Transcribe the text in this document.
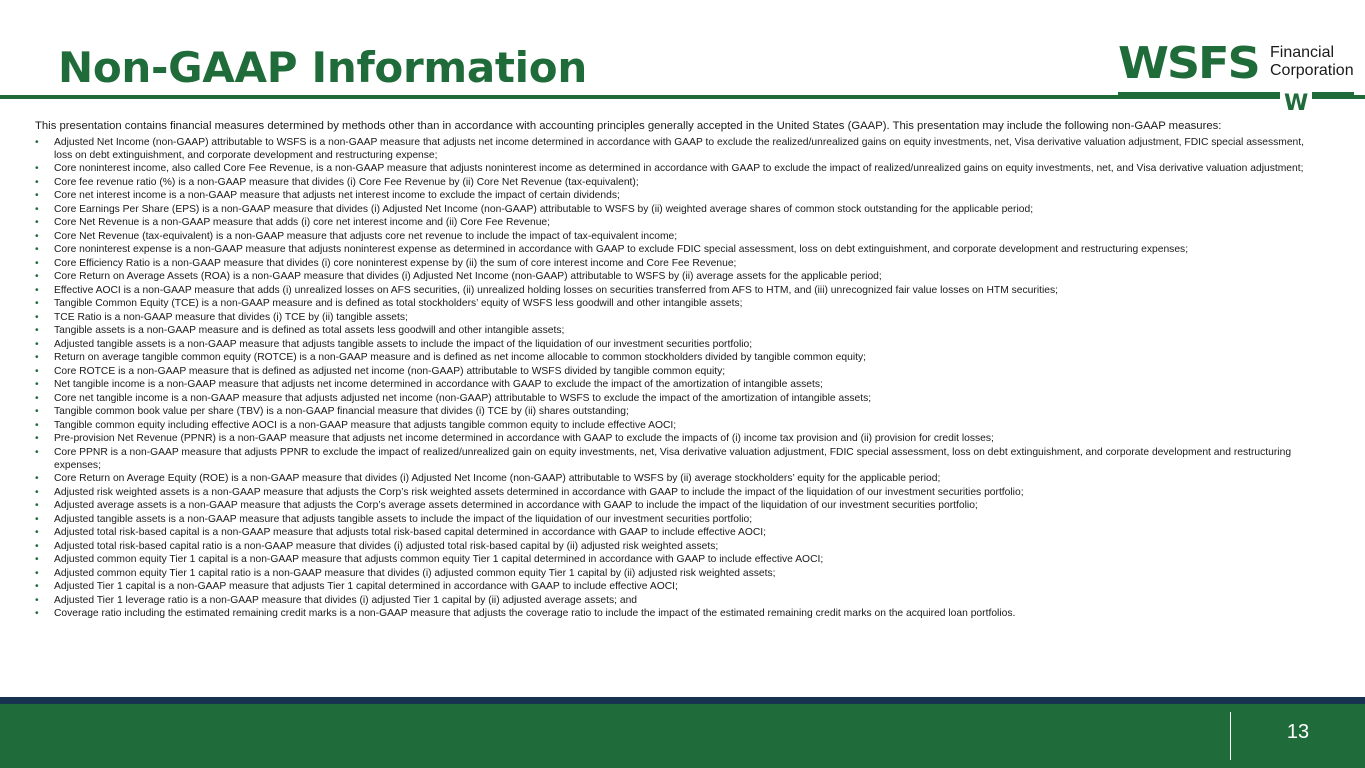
Non-GAAP Information	WSFS Financial
Corporation
W

This presentation contains financial measures determined by methods other than in accordance with accounting principles generally accepted in the United States (GAAP). This presentation may include the following non-GAAP measures:

• Adjusted Net Income (non-GAAP) attributable to WSFS is a non-GAAP measure that adjusts net income determined in accordance with GAAP to exclude the realized/unrealized gains on equity investments, net, Visa derivative valuation adjustment, FDIC special assessment, loss on debt extinguishment, and corporate development and restructuring expense;
• Core noninterest income, also called Core Fee Revenue, is a non-GAAP measure that adjusts noninterest income as determined in accordance with GAAP to exclude the impact of realized/unrealized gains on equity investments, net, and Visa derivative valuation adjustment;
• Core fee revenue ratio (%) is a non-GAAP measure that divides (i) Core Fee Revenue by (ii) Core Net Revenue (tax-equivalent);
• Core net interest income is a non-GAAP measure that adjusts net interest income to exclude the impact of certain dividends;
• Core Earnings Per Share (EPS) is a non-GAAP measure that divides (i) Adjusted Net Income (non-GAAP) attributable to WSFS by (ii) weighted average shares of common stock outstanding for the applicable period;
• Core Net Revenue is a non-GAAP measure that adds (i) core net interest income and (ii) Core Fee Revenue;
• Core Net Revenue (tax-equivalent) is a non-GAAP measure that adjusts core net revenue to include the impact of tax-equivalent income;
• Core noninterest expense is a non-GAAP measure that adjusts noninterest expense as determined in accordance with GAAP to exclude FDIC special assessment, loss on debt extinguishment, and corporate development and restructuring expenses;
• Core Efficiency Ratio is a non-GAAP measure that divides (i) core noninterest expense by (ii) the sum of core interest income and Core Fee Revenue;
• Core Return on Average Assets (ROA) is a non-GAAP measure that divides (i) Adjusted Net Income (non-GAAP) attributable to WSFS by (ii) average assets for the applicable period;
• Effective AOCI is a non-GAAP measure that adds (i) unrealized losses on AFS securities, (ii) unrealized holding losses on securities transferred from AFS to HTM, and (iii) unrecognized fair value losses on HTM securities;
• Tangible Common Equity (TCE) is a non-GAAP measure and is defined as total stockholders’ equity of WSFS less goodwill and other intangible assets;
• TCE Ratio is a non-GAAP measure that divides (i) TCE by (ii) tangible assets;
• Tangible assets is a non-GAAP measure and is defined as total assets less goodwill and other intangible assets;
• Adjusted tangible assets is a non-GAAP measure that adjusts tangible assets to include the impact of the liquidation of our investment securities portfolio;
• Return on average tangible common equity (ROTCE) is a non-GAAP measure and is defined as net income allocable to common stockholders divided by tangible common equity;
• Core ROTCE is a non-GAAP measure that is defined as adjusted net income (non-GAAP) attributable to WSFS divided by tangible common equity;
• Net tangible income is a non-GAAP measure that adjusts net income determined in accordance with GAAP to exclude the impact of the amortization of intangible assets;
• Core net tangible income is a non-GAAP measure that adjusts adjusted net income (non-GAAP) attributable to WSFS to exclude the impact of the amortization of intangible assets;
• Tangible common book value per share (TBV) is a non-GAAP financial measure that divides (i) TCE by (ii) shares outstanding;
• Tangible common equity including effective AOCI is a non-GAAP measure that adjusts tangible common equity to include effective AOCI;
• Pre-provision Net Revenue (PPNR) is a non-GAAP measure that adjusts net income determined in accordance with GAAP to exclude the impacts of (i) income tax provision and (ii) provision for credit losses;
• Core PPNR is a non-GAAP measure that adjusts PPNR to exclude the impact of realized/unrealized gain on equity investments, net, Visa derivative valuation adjustment, FDIC special assessment, loss on debt extinguishment, and corporate development and restructuring expenses;
• Core Return on Average Equity (ROE) is a non-GAAP measure that divides (i) Adjusted Net Income (non-GAAP) attributable to WSFS by (ii) average stockholders’ equity for the applicable period;
• Adjusted risk weighted assets is a non-GAAP measure that adjusts the Corp’s risk weighted assets determined in accordance with GAAP to include the impact of the liquidation of our investment securities portfolio;
• Adjusted average assets is a non-GAAP measure that adjusts the Corp’s average assets determined in accordance with GAAP to include the impact of the liquidation of our investment securities portfolio;
• Adjusted tangible assets is a non-GAAP measure that adjusts tangible assets to include the impact of the liquidation of our investment securities portfolio;
• Adjusted total risk-based capital is a non-GAAP measure that adjusts total risk-based capital determined in accordance with GAAP to include effective AOCI;
• Adjusted total risk-based capital ratio is a non-GAAP measure that divides (i) adjusted total risk-based capital by (ii) adjusted risk weighted assets;
• Adjusted common equity Tier 1 capital is a non-GAAP measure that adjusts common equity Tier 1 capital determined in accordance with GAAP to include effective AOCI;
• Adjusted common equity Tier 1 capital ratio is a non-GAAP measure that divides (i) adjusted common equity Tier 1 capital by (ii) adjusted risk weighted assets;
• Adjusted Tier 1 capital is a non-GAAP measure that adjusts Tier 1 capital determined in accordance with GAAP to include effective AOCI;
• Adjusted Tier 1 leverage ratio is a non-GAAP measure that divides (i) adjusted Tier 1 capital by (ii) adjusted average assets; and
• Coverage ratio including the estimated remaining credit marks is a non-GAAP measure that adjusts the coverage ratio to include the impact of the estimated remaining credit marks on the acquired loan portfolios.
13
